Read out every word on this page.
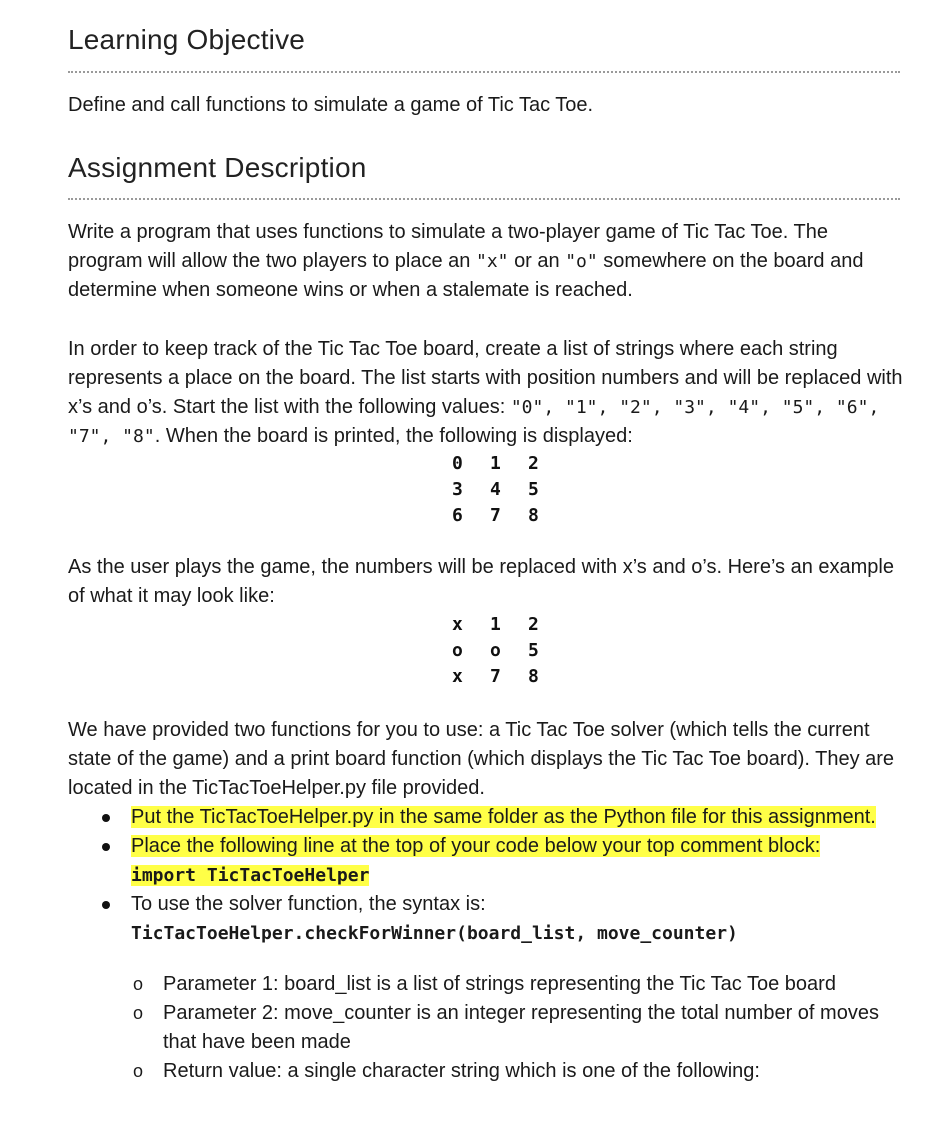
Learning Objective
Define and call functions to simulate a game of Tic Tac Toe.
Assignment Description
Write a program that uses functions to simulate a two-player game of Tic Tac Toe. The program will allow the two players to place an "x" or an "o" somewhere on the board and determine when someone wins or when a stalemate is reached.
In order to keep track of the Tic Tac Toe board, create a list of strings where each string represents a place on the board. The list starts with position numbers and will be replaced with x’s and o’s. Start the list with the following values: "0", "1", "2", "3", "4", "5", "6", "7", "8". When the board is printed, the following is displayed:
0 1 2
3 4 5
6 7 8
As the user plays the game, the numbers will be replaced with x’s and o’s. Here’s an example of what it may look like:
x 1 2
o o 5
x 7 8
We have provided two functions for you to use: a Tic Tac Toe solver (which tells the current state of the game) and a print board function (which displays the Tic Tac Toe board). They are located in the TicTacToeHelper.py file provided.
Put the TicTacToeHelper.py in the same folder as the Python file for this assignment.
Place the following line at the top of your code below your top comment block:
import TicTacToeHelper
To use the solver function, the syntax is:
TicTacToeHelper.checkForWinner(board_list, move_counter)
o Parameter 1: board_list is a list of strings representing the Tic Tac Toe board
o Parameter 2: move_counter is an integer representing the total number of moves that have been made
o Return value: a single character string which is one of the following:
